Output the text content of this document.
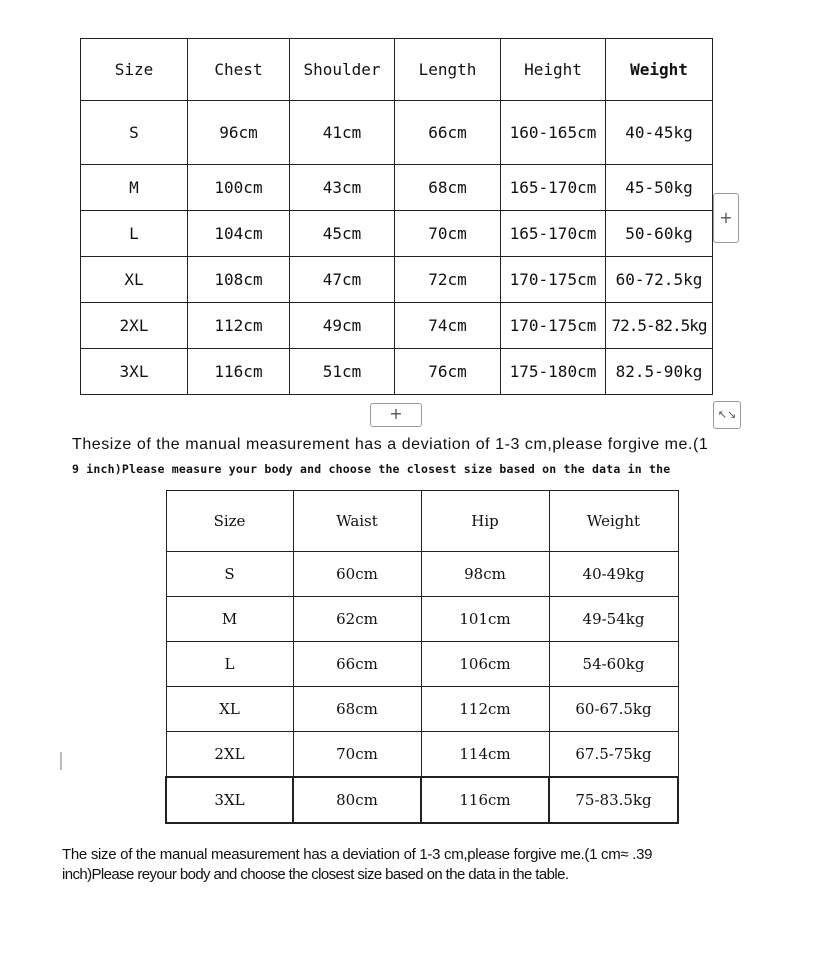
Size	Chest	Shoulder	Length	Height	Weight
S	96cm	41cm	66cm	160-165cm	40-45kg
M	100cm	43cm	68cm	165-170cm	45-50kg
L	104cm	45cm	70cm	165-170cm	50-60kg
XL	108cm	47cm	72cm	170-175cm	60-72.5kg
2XL	112cm	49cm	74cm	170-175cm	72.5-82.5kg
3XL	116cm	51cm	76cm	175-180cm	82.5-90kg
+
+	↖↘

Thesize of the manual measurement has a deviation of 1-3 cm,please forgive me.(1

9 inch)Please measure your body and choose the closest size based on the data in the

Size	Waist	Hip	Weight
S	60cm	98cm	40-49kg
M	62cm	101cm	49-54kg
L	66cm	106cm	54-60kg
XL	68cm	112cm	60-67.5kg
2XL	70cm	114cm	67.5-75kg
3XL	80cm	116cm	75-83.5kg

The size of the manual measurement has a deviation of 1-3 cm,please forgive me.(1 cm≈ .39

inch)Please reyour body and choose the closest size based on the data in the table.
